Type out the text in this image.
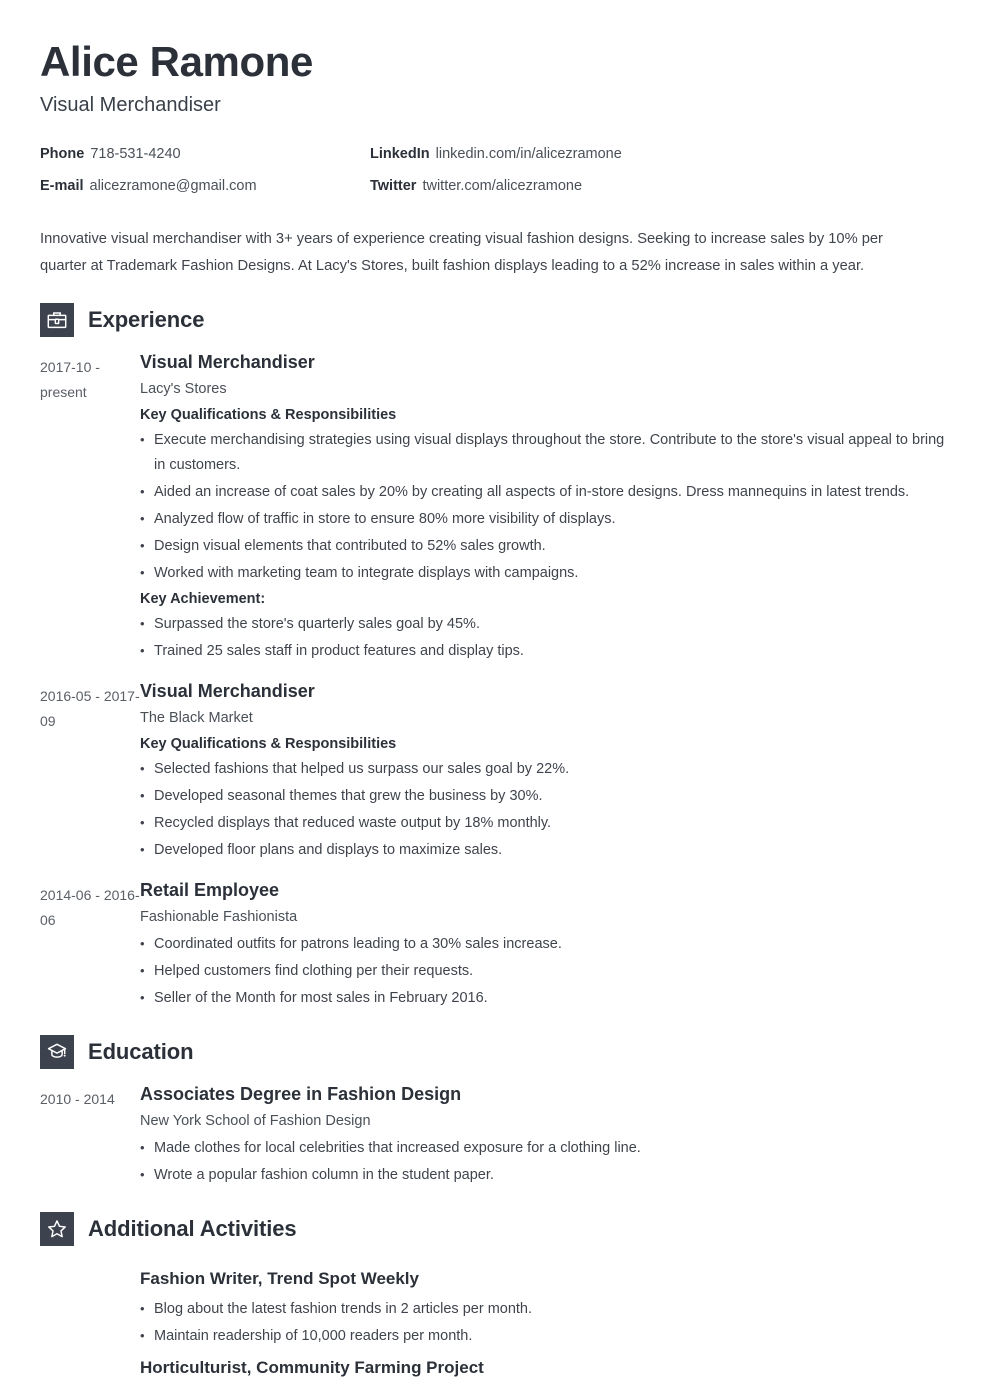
Alice Ramone
Visual Merchandiser
Phone 718-531-4240	LinkedIn linkedin.com/in/alicezramone
E-mail alicezramone@gmail.com	Twitter twitter.com/alicezramone
Innovative visual merchandiser with 3+ years of experience creating visual fashion designs. Seeking to increase sales by 10% per quarter at Trademark Fashion Designs. At Lacy's Stores, built fashion displays leading to a 52% increase in sales within a year.
Experience
2017-10 - present
Visual Merchandiser
Lacy's Stores
Key Qualifications & Responsibilities
• Execute merchandising strategies using visual displays throughout the store. Contribute to the store's visual appeal to bring in customers.
• Aided an increase of coat sales by 20% by creating all aspects of in-store designs. Dress mannequins in latest trends.
• Analyzed flow of traffic in store to ensure 80% more visibility of displays.
• Design visual elements that contributed to 52% sales growth.
• Worked with marketing team to integrate displays with campaigns.
Key Achievement:
• Surpassed the store's quarterly sales goal by 45%.
• Trained 25 sales staff in product features and display tips.
2016-05 - 2017-09
Visual Merchandiser
The Black Market
Key Qualifications & Responsibilities
• Selected fashions that helped us surpass our sales goal by 22%.
• Developed seasonal themes that grew the business by 30%.
• Recycled displays that reduced waste output by 18% monthly.
• Developed floor plans and displays to maximize sales.
2014-06 - 2016-06
Retail Employee
Fashionable Fashionista
• Coordinated outfits for patrons leading to a 30% sales increase.
• Helped customers find clothing per their requests.
• Seller of the Month for most sales in February 2016.
Education
2010 - 2014	Associates Degree in Fashion Design
New York School of Fashion Design
• Made clothes for local celebrities that increased exposure for a clothing line.
• Wrote a popular fashion column in the student paper.
Additional Activities
Fashion Writer, Trend Spot Weekly
• Blog about the latest fashion trends in 2 articles per month.
• Maintain readership of 10,000 readers per month.
Horticulturist, Community Farming Project
